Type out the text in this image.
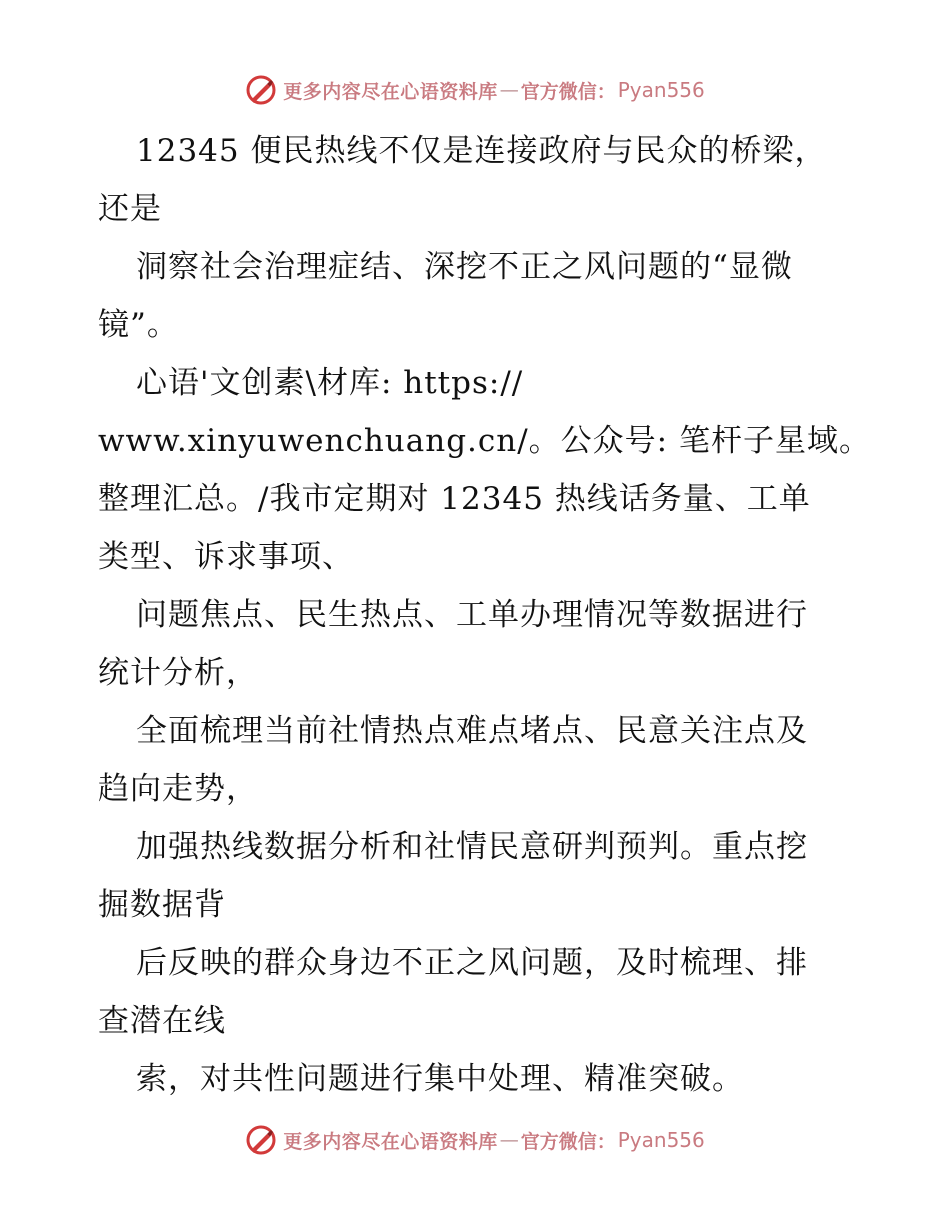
更多内容尽在心语资料库 — 官方微信： Pyan556
12345 便民热线不仅是连接政府与民众的桥梁，
还是
洞察社会治理症结、深挖不正之风问题的“显微
镜”。
心语'文创素\材库: https://
www.xinyuwenchuang.cn/。公众号: 笔杆子星域。
整理汇总。/我市定期对 12345 热线话务量、工单
类型、诉求事项、
问题焦点、民生热点、工单办理情况等数据进行
统计分析，
全面梳理当前社情热点难点堵点、民意关注点及
趋向走势，
加强热线数据分析和社情民意研判预判。重点挖
掘数据背
后反映的群众身边不正之风问题，及时梳理、排
查潜在线
索，对共性问题进行集中处理、精准突破。
更多内容尽在心语资料库 — 官方微信： Pyan556
